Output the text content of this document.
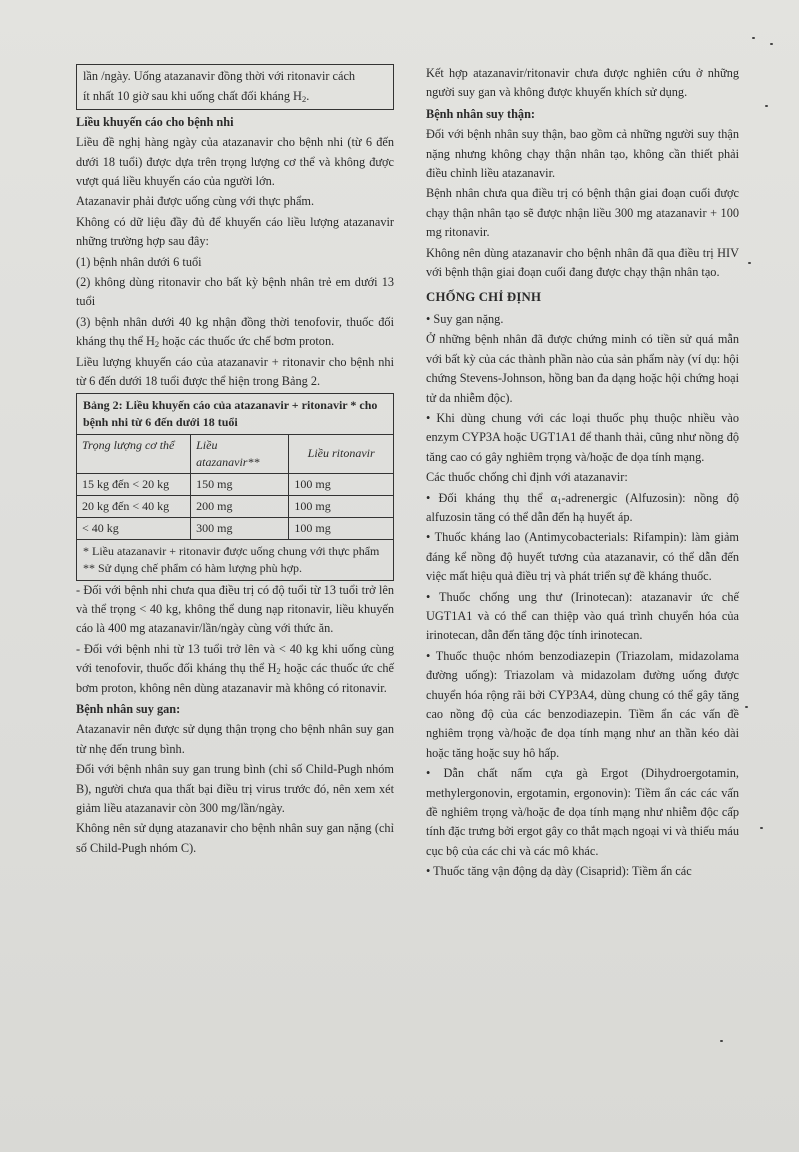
lần /ngày. Uống atazanavir đồng thời với ritonavir cách
ít nhất 10 giờ sau khi uống chất đối kháng $H_2$.
Liều khuyến cáo cho bệnh nhi
Liều đề nghị hàng ngày của atazanavir cho bệnh nhi (từ 6 đến dưới 18 tuổi) được dựa trên trọng lượng cơ thể và không được vượt quá liều khuyến cáo của người lớn.
Atazanavir phải được uống cùng với thực phẩm.
Không có dữ liệu đầy đủ để khuyến cáo liều lượng atazanavir những trường hợp sau đây:
(1) bệnh nhân dưới 6 tuổi
(2) không dùng ritonavir cho bất kỳ bệnh nhân trẻ em dưới 13 tuổi
(3) bệnh nhân dưới 40 kg nhận đồng thời tenofovir, thuốc đối kháng thụ thể $H_2$ hoặc các thuốc ức chế bơm proton.
Liều lượng khuyến cáo của atazanavir + ritonavir cho bệnh nhi từ 6 đến dưới 18 tuổi được thể hiện trong Bảng 2.
Bảng 2: Liều khuyến cáo của atazanavir + ritonavir * cho bệnh nhi từ 6 đến dưới 18 tuổi		
Trọng lượng cơ thể	Liều atazanavir**	Liều ritonavir
15 kg đến < 20 kg	150 mg	100 mg
20 kg đến < 40 kg	200 mg	100 mg
< 40 kg	300 mg	100 mg

* Liều atazanavir + ritonavir được uống chung với thực phẩm
** Sử dụng chế phẩm có hàm lượng phù hợp.		
- Đối với bệnh nhi chưa qua điều trị có độ tuổi từ 13 tuổi trở lên và thể trọng < 40 kg, không thể dung nạp ritonavir, liều khuyến cáo là 400 mg atazanavir/lần/ngày cùng với thức ăn.
- Đối với bệnh nhi từ 13 tuổi trở lên và < 40 kg khi uống cùng với tenofovir, thuốc đối kháng thụ thể $H_2$ hoặc các thuốc ức chế bơm proton, không nên dùng atazanavir mà không có ritonavir.
Bệnh nhân suy gan:
Atazanavir nên được sử dụng thận trọng cho bệnh nhân suy gan từ nhẹ đến trung bình.
Đối với bệnh nhân suy gan trung bình (chỉ số Child-Pugh nhóm B), người chưa qua thất bại điều trị virus trước đó, nên xem xét giảm liều atazanavir còn 300 mg/lần/ngày.
Không nên sử dụng atazanavir cho bệnh nhân suy gan nặng (chỉ số Child-Pugh nhóm C).
Kết hợp atazanavir/ritonavir chưa được nghiên cứu ở những người suy gan và không được khuyến khích sử dụng.
Bệnh nhân suy thận:
Đối với bệnh nhân suy thận, bao gồm cả những người suy thận nặng nhưng không chạy thận nhân tạo, không cần thiết phải điều chỉnh liều atazanavir.
Bệnh nhân chưa qua điều trị có bệnh thận giai đoạn cuối được chạy thận nhân tạo sẽ được nhận liều 300 mg atazanavir + 100 mg ritonavir.
Không nên dùng atazanavir cho bệnh nhân đã qua điều trị HIV với bệnh thận giai đoạn cuối đang được chạy thận nhân tạo.
CHỐNG CHỈ ĐỊNH
• Suy gan nặng.
Ở những bệnh nhân đã được chứng minh có tiền sử quá mẫn với bất kỳ của các thành phần nào của sản phẩm này (ví dụ: hội chứng Stevens-Johnson, hồng ban đa dạng hoặc hội chứng hoại tử da nhiễm độc).
• Khi dùng chung với các loại thuốc phụ thuộc nhiều vào enzym CYP3A hoặc UGT1A1 để thanh thải, cũng như nồng độ tăng cao có gây nghiêm trọng và/hoặc đe dọa tính mạng.
Các thuốc chống chỉ định với atazanavir:
• Đối kháng thụ thể $\alpha_1$-adrenergic (Alfuzosin): nồng độ alfuzosin tăng có thể dẫn đến hạ huyết áp.
• Thuốc kháng lao (Antimycobacterials: Rifampin): làm giảm đáng kể nồng độ huyết tương của atazanavir, có thể dẫn đến việc mất hiệu quả điều trị và phát triển sự đề kháng thuốc.
• Thuốc chống ung thư (Irinotecan): atazanavir ức chế UGT1A1 và có thể can thiệp vào quá trình chuyển hóa của irinotecan, dẫn đến tăng độc tính irinotecan.
• Thuốc thuộc nhóm benzodiazepin (Triazolam, midazolama đường uống): Triazolam và midazolam đường uống được chuyển hóa rộng rãi bởi CYP3A4, dùng chung có thể gây tăng cao nồng độ của các benzodiazepin. Tiềm ẩn các vấn đề nghiêm trọng và/hoặc đe dọa tính mạng như an thần kéo dài hoặc tăng hoặc suy hô hấp.
• Dẫn chất nấm cựa gà Ergot (Dihydroergotamin, methylergonovin, ergotamin, ergonovin): Tiềm ẩn các các vấn đề nghiêm trọng và/hoặc đe dọa tính mạng như nhiễm độc cấp tính đặc trưng bởi ergot gây co thắt mạch ngoại vi và thiếu máu cục bộ của các chi và các mô khác.
• Thuốc tăng vận động dạ dày (Cisaprid): Tiềm ẩn các
